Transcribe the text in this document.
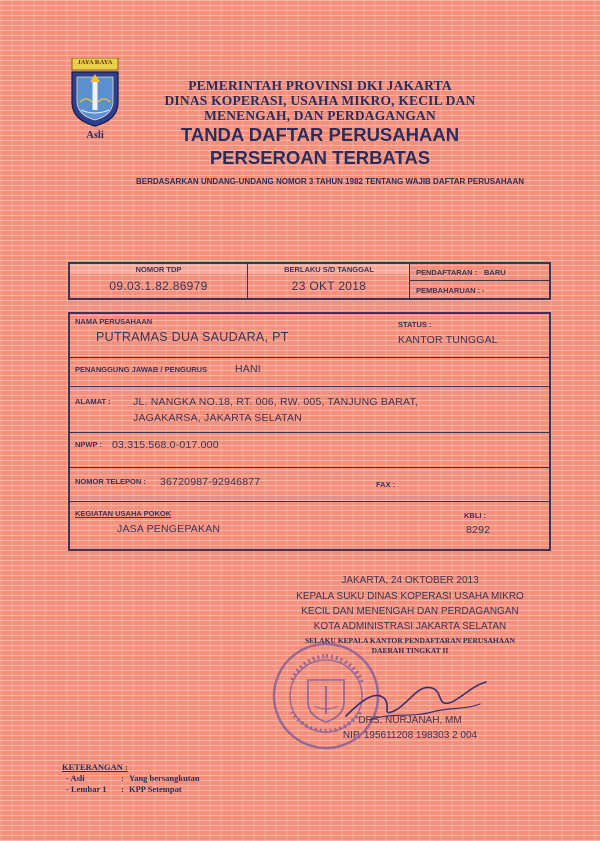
JAYA RAYA
Asli
PEMERINTAH PROVINSI DKI JAKARTA
DINAS KOPERASI, USAHA MIKRO, KECIL DAN
MENENGAH, DAN PERDAGANGAN
TANDA DAFTAR PERUSAHAAN
PERSEROAN TERBATAS
BERDASARKAN UNDANG-UNDANG NOMOR 3 TAHUN 1982 TENTANG WAJIB DAFTAR PERUSAHAAN
NOMOR TDP
09.03.1.82.86979
BERLAKU S/D TANGGAL
23 OKT 2018
PENDAFTARAN : BARU
PEMBAHARUAN : -
NAMA PERUSAHAAN
PUTRAMAS DUA SAUDARA, PT
STATUS :
KANTOR TUNGGAL
PENANGGUNG JAWAB / PENGURUS	HANI
ALAMAT : JL. NANGKA NO.18, RT. 006, RW. 005, TANJUNG BARAT,
JAGAKARSA, JAKARTA SELATAN
NPWP : 03.315.568.0-017.000
NOMOR TELEPON : 36720987-92946877	FAX :
KEGIATAN USAHA POKOK
JASA PENGEPAKAN
KBLI :
8292
JAKARTA, 24 OKTOBER 2013
KEPALA SUKU DINAS KOPERASI USAHA MIKRO
KECIL DAN MENENGAH DAN PERDAGANGAN
KOTA ADMINISTRASI JAKARTA SELATAN
SELAKU KEPALA KANTOR PENDAFTARAN PERUSAHAAN
DAERAH TINGKAT II
DRS. NURJANAH, MM
NIP. 195611208 198303 2 004
KETERANGAN :
- Asli	: Yang bersangkutan
- Lembar 1 : KPP Setempat
